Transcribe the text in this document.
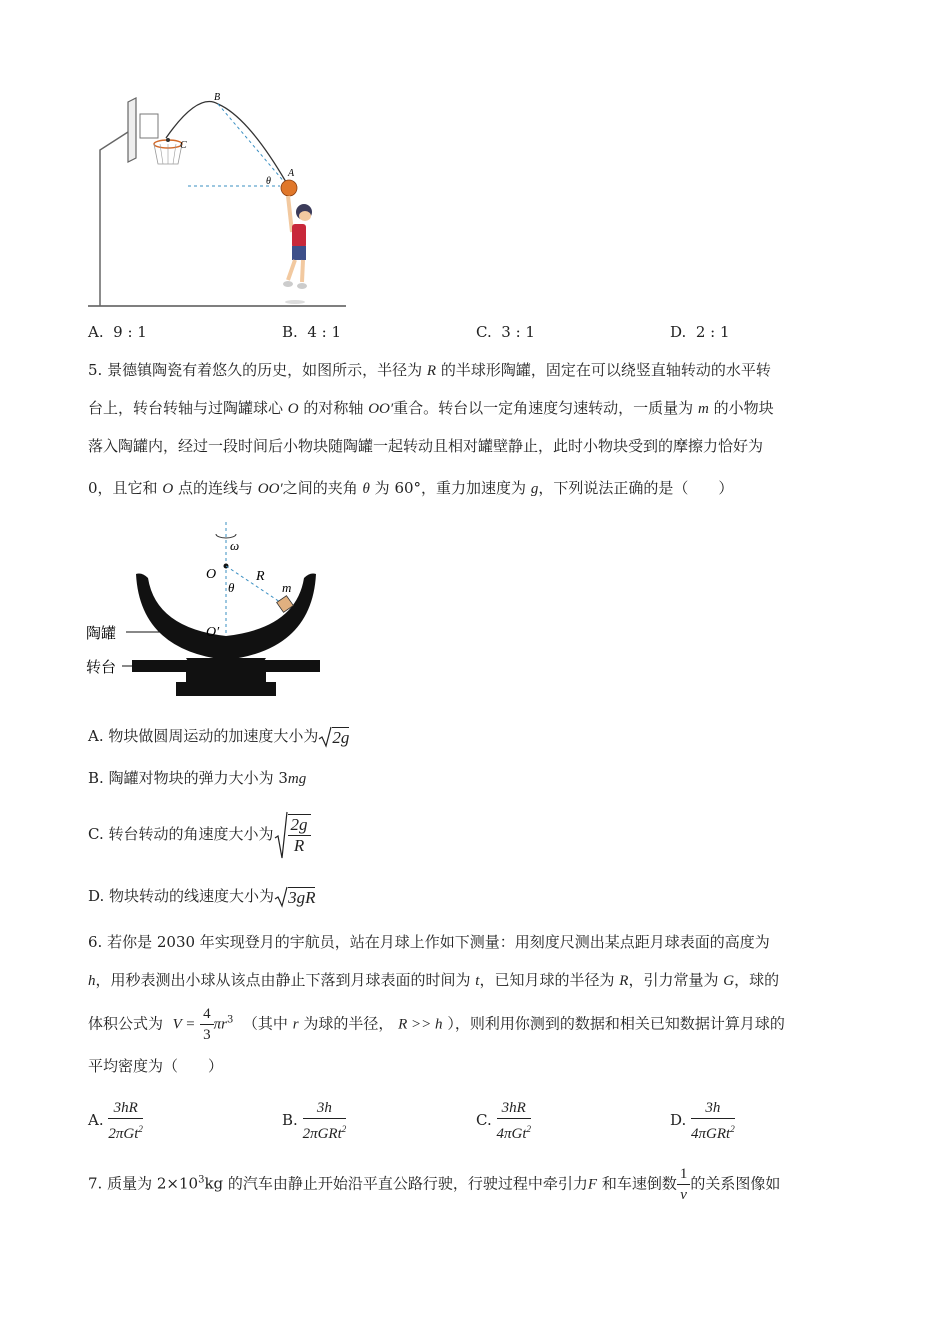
B
C
A
θ
A. 9 : 1	B. 4 : 1	C. 3 : 1	D. 2 : 1
5. 景德镇陶瓷有着悠久的历史，如图所示，半径为 R 的半球形陶罐，固定在可以绕竖直轴转动的水平转
台上，转台转轴与过陶罐球心 O 的对称轴 OO′重合。转台以一定角速度匀速转动，一质量为 m 的小物块
落入陶罐内，经过一段时间后小物块随陶罐一起转动且相对罐壁静止，此时小物块受到的摩擦力恰好为
0，且它和 O 点的连线与 OO′之间的夹角 θ 为 60°，重力加速度为 g，下列说法正确的是（　　）
ω
O	R
θ	m
O′
陶罐
转台
A. 物块做圆周运动的加速度大小为 2g
B. 陶罐对物块的弹力大小为 3mg
C. 转台转动的角速度大小为 $\frac{2g}{R}$
D. 物块转动的线速度大小为 3gR
6. 若你是 2030 年实现登月的宇航员，站在月球上作如下测量：用刻度尺测出某点距月球表面的高度为
h，用秒表测出小球从该点由静止下落到月球表面的时间为 t，已知月球的半径为 R，引力常量为 G，球的
体积公式为 $V = \frac{4}{3} \pi r^3$ （其中 r 为球的半径， R >> h ），则利用你测到的数据和相关已知数据计算月球的
平均密度为（　　）
A. $\frac{3hR}{2\pi Gt^2}$	B. $\frac{3h}{2\pi GRt^2}$	C. $\frac{3hR}{4\pi Gt^2}$	D. $\frac{3h}{4\pi GRt^2}$
7. 质量为 $2\times 10^3kg$ 的汽车由静止开始沿平直公路行驶，行驶过程中牵引力F 和车速倒数 $\frac{1}{v}$ 的关系图像如
